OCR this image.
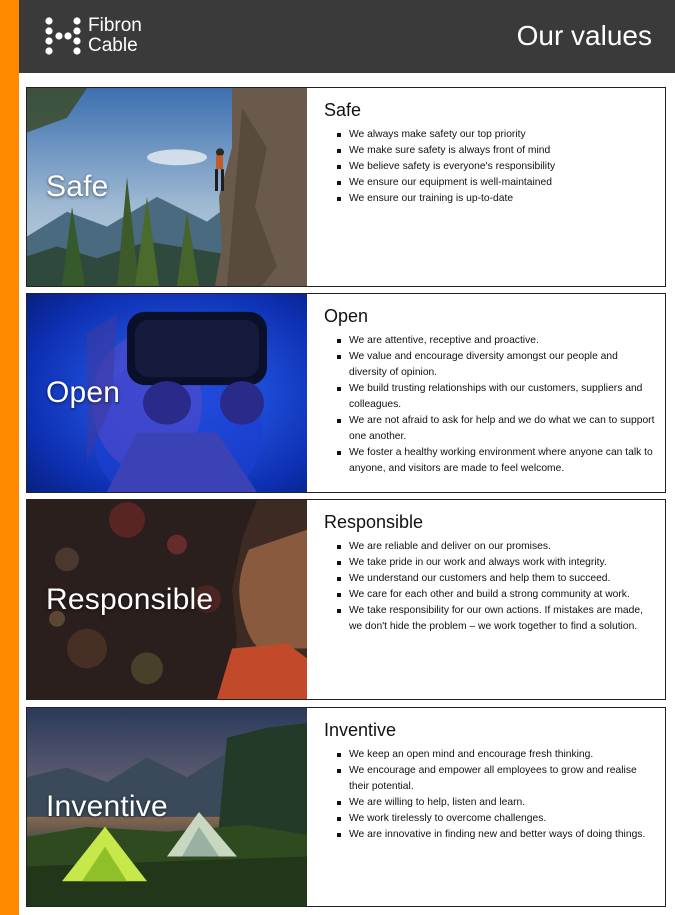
Fibron
Cable	Our values
Safe
Safe
We always make safety our top priority
We make sure safety is always front of mind
We believe safety is everyone's responsibility
We ensure our equipment is well-maintained
We ensure our training is up-to-date
Open
Open
We are attentive, receptive and proactive.
We value and encourage diversity amongst our people and diversity of opinion.
We build trusting relationships with our customers, suppliers and colleagues.
We are not afraid to ask for help and we do what we can to support one another.
We foster a healthy working environment where anyone can talk to anyone, and visitors are made to feel welcome.
Responsible
Responsible
We are reliable and deliver on our promises.
We take pride in our work and always work with integrity.
We understand our customers and help them to succeed.
We care for each other and build a strong community at work.
We take responsibility for our own actions. If mistakes are made, we don't hide the problem – we work together to find a solution.
Inventive
Inventive
We keep an open mind and encourage fresh thinking.
We encourage and empower all employees to grow and realise their potential.
We are willing to help, listen and learn.
We work tirelessly to overcome challenges.
We are innovative in finding new and better ways of doing things.
